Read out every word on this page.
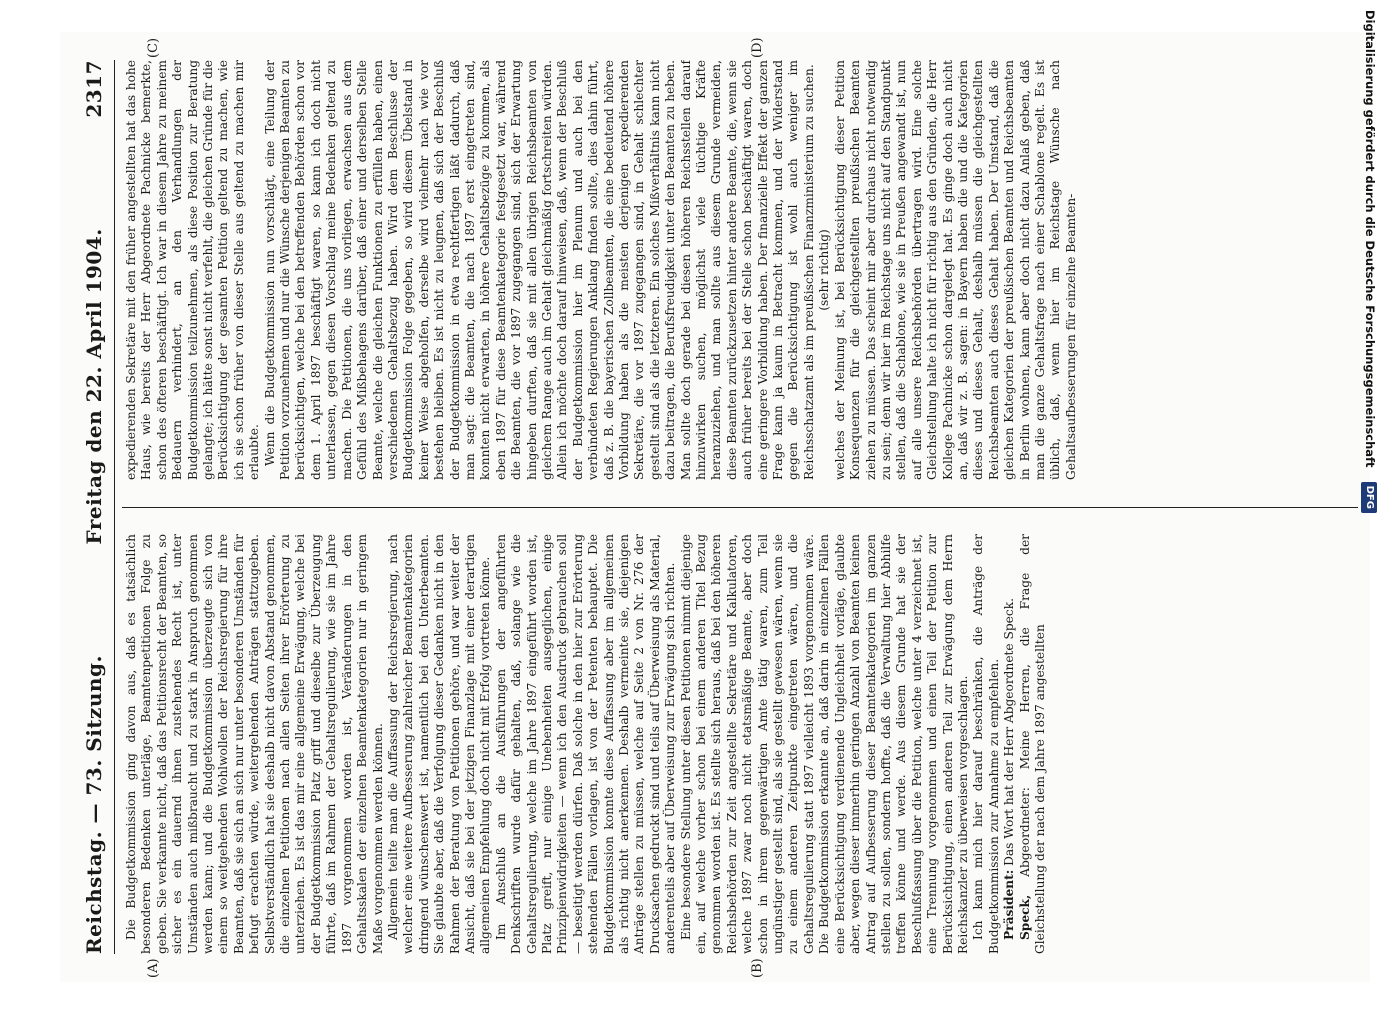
Reichstag. — 73. Sitzung.
Freitag den 22. April 1904.
2317

Die Budgetkommission ging davon aus, daß es tatsächlich besonderen Bedenken unterläge, Beamtenpetitionen Folge zu geben. Sie verkannte nicht, daß das Petitionsrecht der Beamten, so sicher es ein dauernd ihnen zustehendes Recht ist, unter Umständen auch mißbraucht und zu stark in Anspruch genommen werden kann; und die Budgetkommission überzeugte sich von einem so weitgehenden Wohlwollen der Reichsregierung für ihre Beamten, daß sie sich an sich nur unter besonderen Umständen für befugt erachten würde, weitergehenden Anträgen stattzugeben. Selbstverständlich hat sie deshalb nicht davon Abstand genommen, die einzelnen Petitionen nach allen Seiten ihrer Erörterung zu unterziehen. Es ist das mir eine allgemeine Erwägung, welche bei der Budgetkommission Platz griff und dieselbe zur Überzeugung führte, daß im Rahmen der Gehaltsregulierung, wie sie im Jahre 1897 vorgenommen worden ist, Veränderungen in den Gehaltsskalen der einzelnen Beamtenkategorien nur in geringem Maße vorgenommen werden können. Allgemein teilte man die Auffassung der Reichsregierung, nach welcher eine weitere Aufbesserung zahlreicher Beamtenkategorien dringend wünschenswert ist, namentlich bei den Unterbeamten. Sie glaubte aber, daß die Verfolgung dieser Gedanken nicht in den Rahmen der Beratung von Petitionen gehöre, und war weiter der Ansicht, daß sie bei der jetzigen Finanzlage mit einer derartigen allgemeinen Empfehlung doch nicht mit Erfolg vortreten könne. Im Anschluß an die Ausführungen der angeführten Denkschriften wurde dafür gehalten, daß, solange wie die Gehaltsregulierung, welche im Jahre 1897 eingeführt worden ist, Platz greift, nur einige Unebenheiten ausgeglichen, einige Prinzipienwidrigkeiten — wenn ich den Ausdruck gebrauchen soll — beseitigt werden dürfen. Daß solche in den hier zur Erörterung stehenden Fällen vorlagen, ist von der Petenten behauptet. Die Budgetkommission konnte diese Auffassung aber im allgemeinen als richtig nicht anerkennen. Deshalb vermeinte sie, diejenigen Anträge stellen zu müssen, welche auf Seite 2 von Nr. 276 der Drucksachen gedruckt sind und teils auf Überweisung als Material, anderenteils aber auf Überweisung zur Erwägung sich richten. Eine besondere Stellung unter diesen Petitionen nimmt diejenige ein, auf welche vorher schon bei einem anderen Titel Bezug genommen worden ist. Es stellte sich heraus, daß bei den höheren Reichsbehörden zur Zeit angestellte Sekretäre und Kalkulatoren, welche 1897 zwar noch nicht etatsmäßige Beamte, aber doch schon in ihrem gegenwärtigen Amte tätig waren, zum Teil ungünstiger gestellt sind, als sie gestellt gewesen wären, wenn sie zu einem anderen Zeitpunkte eingetreten wären, und die Gehaltsregulierung statt 1897 vielleicht 1893 vorgenommen wäre. Die Budgetkommission erkannte an, daß darin in einzelnen Fällen eine Berücksichtigung verdienende Ungleichheit vorläge, glaubte aber, wegen dieser immerhin geringen Anzahl von Beamten keinen Antrag auf Aufbesserung dieser Beamtenkategorien im ganzen stellen zu sollen, sondern hoffte, daß die Verwaltung hier Abhilfe treffen könne und werde. Aus diesem Grunde hat sie der Beschlußfassung über die Petition, welche unter 4 verzeichnet ist, eine Trennung vorgenommen und einen Teil der Petition zur Berücksichtigung, einen anderen Teil zur Erwägung dem Herrn Reichskanzler zu überweisen vorgeschlagen. Ich kann mich hier darauf beschränken, die Anträge der Budgetkommission zur Annahme zu empfehlen. Präsident: Das Wort hat der Herr Abgeordnete Speck.

Speck, Abgeordneter: Meine Herren, die Frage der Gleichstellung der nach dem Jahre 1897 angestellten

expedierenden Sekretäre mit den früher angestellten hat das hohe Haus, wie bereits der Herr Abgeordnete Pachnicke bemerkte, schon des öfteren beschäftigt. Ich war in diesem Jahre zu meinem Bedauern verhindert, an den Verhandlungen der Budgetkommission teilzunehmen, als diese Position zur Beratung gelangte; ich hätte sonst nicht verfehlt, die gleichen Gründe für die Berücksichtigung der gesamten Petition geltend zu machen, wie ich sie schon früher von dieser Stelle aus geltend zu machen mir erlaubte. Wenn die Budgetkommission nun vorschlägt, eine Teilung der Petition vorzunehmen und nur die Wünsche derjenigen Beamten zu berücksichtigen, welche bei den betreffenden Behörden schon vor dem 1. April 1897 beschäftigt waren, so kann ich doch nicht unterlassen, gegen diesen Vorschlag meine Bedenken geltend zu machen. Die Petitionen, die uns vorliegen, erwachsen aus dem Gefühl des Mißbehagens darüber, daß einer und derselben Stelle Beamte, welche die gleichen Funktionen zu erfüllen haben, einen verschiedenen Gehaltsbezug haben. Wird dem Beschlusse der Budgetkommission Folge gegeben, so wird diesem Übelstand in keiner Weise abgeholfen, derselbe wird vielmehr nach wie vor bestehen bleiben. Es ist nicht zu leugnen, daß sich der Beschluß der Budgetkommission in etwa rechtfertigen läßt dadurch, daß man sagt: die Beamten, die nach 1897 erst eingetreten sind, konnten nicht erwarten, in höhere Gehaltsbezüge zu kommen, als eben 1897 für diese Beamtenkategorie festgesetzt war, während die Beamten, die vor 1897 zugegangen sind, sich der Erwartung hingeben durften, daß sie mit allen übrigen Reichsbeamten von gleichem Range auch im Gehalt gleichmäßig fortschreiten würden. Allein ich möchte doch darauf hinweisen, daß, wenn der Beschluß der Budgetkommission hier im Plenum und auch bei den verbündeten Regierungen Anklang finden sollte, dies dahin führt, daß z. B. die bayerischen Zollbeamten, die eine bedeutend höhere Vorbildung haben als die meisten derjenigen expedierenden Sekretäre, die vor 1897 zugegangen sind, in Gehalt schlechter gestellt sind als die letzteren. Ein solches Mißverhältnis kann nicht dazu beitragen, die Berufsfreudigkeit unter den Beamten zu heben. Man sollte doch gerade bei diesen höheren Reichsstellen darauf hinzuwirken suchen, möglichst viele tüchtige Kräfte heranzuziehen, und man sollte aus diesem Grunde vermeiden, diese Beamten zurückzusetzen hinter andere Beamte, die, wenn sie auch früher bereits bei der Stelle schon beschäftigt waren, doch eine geringere Vorbildung haben. Der finanzielle Effekt der ganzen Frage kann ja kaum in Betracht kommen, und der Widerstand gegen die Berücksichtigung ist wohl auch weniger im Reichsschatzamt als im preußischen Finanzministerium zu suchen. (sehr richtig) welches der Meinung ist, bei Berücksichtigung dieser Petition Konsequenzen für die gleichgestellten preußischen Beamten ziehen zu müssen. Das scheint mir aber durchaus nicht notwendig zu sein; denn wir hier im Reichstage uns nicht auf den Standpunkt stellen, daß die Schablone, wie sie in Preußen angewandt ist, nun auf alle unsere Reichsbehörden übertragen wird. Eine solche Gleichstellung halte ich nicht für richtig aus den Gründen, die Herr Kollege Pachnicke schon dargelegt hat. Es ginge doch auch nicht an, daß wir z. B. sagen: in Bayern haben die und die Kategorien dieses und dieses Gehalt, deshalb müssen die gleichgestellten Reichsbeamten auch dieses Gehalt haben. Der Umstand, daß die gleichen Kategorien der preußischen Beamten und Reichsbeamten in Berlin wohnen, kann aber doch nicht dazu Anlaß geben, daß man die ganze Gehaltsfrage nach einer Schablone regelt. Es ist üblich, daß, wenn hier im Reichstage Wünsche nach Gehaltsaufbesserungen für einzelne Beamten-

(A)	(B)
(C)	(D)	Digitalisierung gefördert durch die Deutsche Forschungsgemeinschaft DFG
